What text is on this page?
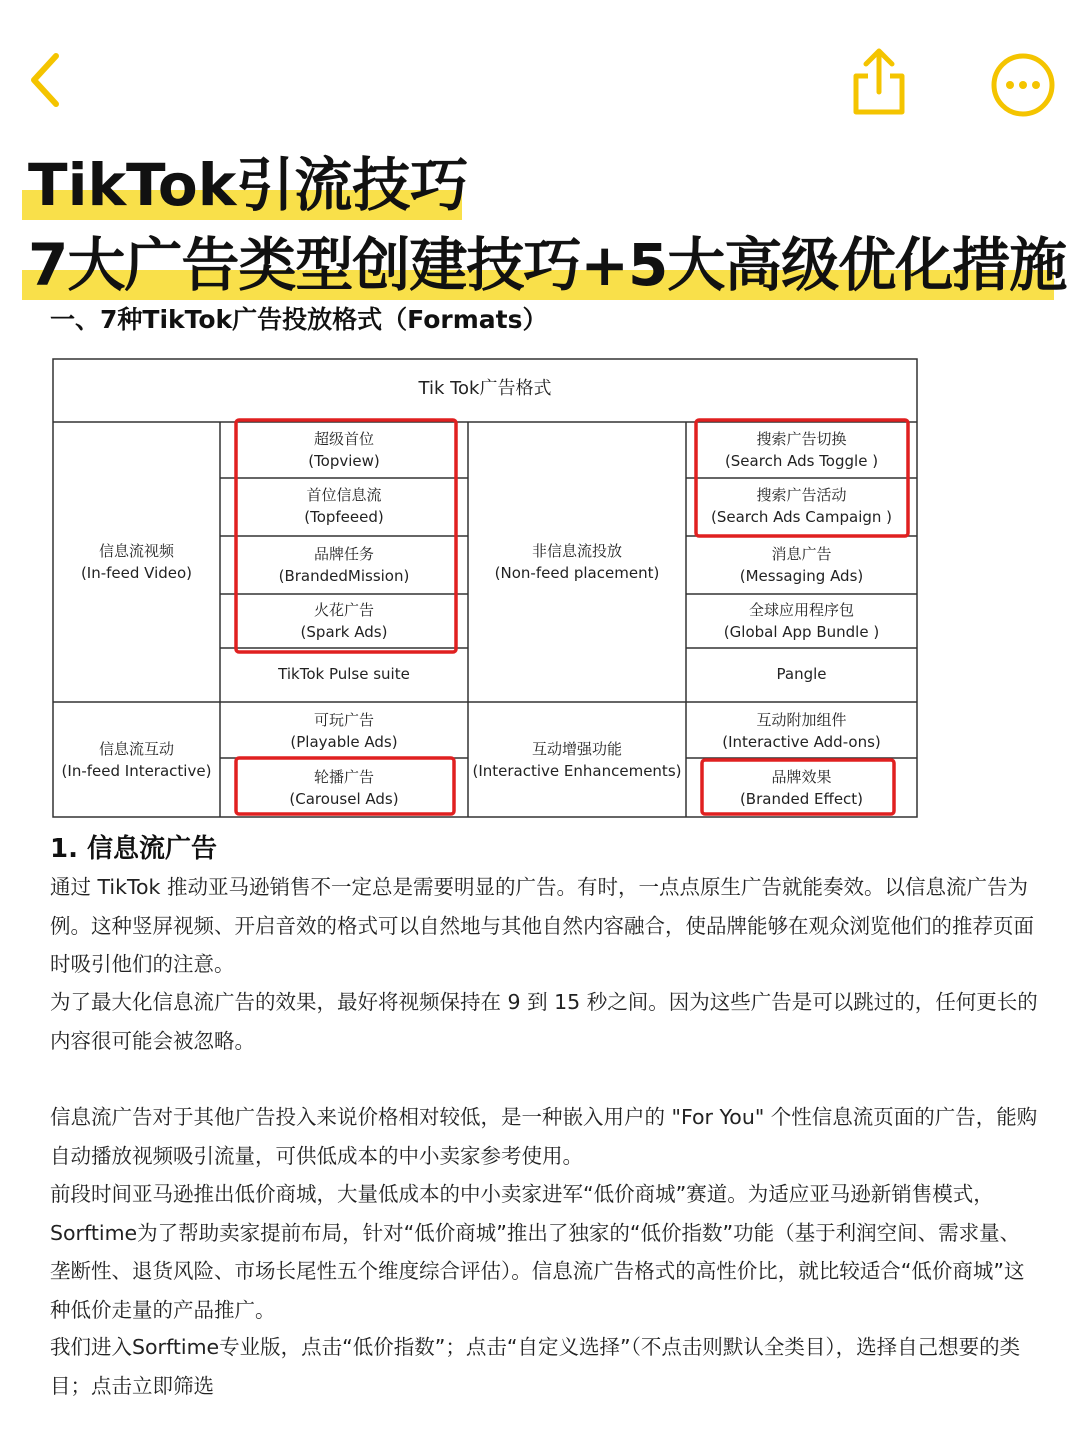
TikTok引流技巧
7大广告类型创建技巧+5大高级优化措施
一、7种TikTok广告投放格式（Formats）
Tik Tok广告格式
信息流视频
(In-feed Video)
非信息流投放
(Non-feed placement)
信息流互动
(In-feed Interactive)
互动增强功能
(Interactive Enhancements)
超级首位
(Topview)
首位信息流
(Topfeeed)
品牌任务
(BrandedMission)
火花广告
(Spark Ads)
TikTok Pulse suite
可玩广告
(Playable Ads)
轮播广告
(Carousel Ads)
搜索广告切换
(Search Ads Toggle )
搜索广告活动
(Search Ads Campaign )
消息广告
(Messaging Ads)
全球应用程序包
(Global App Bundle )
Pangle
互动附加组件
(Interactive Add-ons)
品牌效果
(Branded Effect)
1. 信息流广告
通过 TikTok 推动亚马逊销售不一定总是需要明显的广告。有时，一点点原生广告就能奏效。以信息流广告为例。这种竖屏视频、开启音效的格式可以自然地与其他自然内容融合，使品牌能够在观众浏览他们的推荐页面时吸引他们的注意。
为了最大化信息流广告的效果，最好将视频保持在 9 到 15 秒之间。因为这些广告是可以跳过的，任何更长的内容很可能会被忽略。
信息流广告对于其他广告投入来说价格相对较低，是一种嵌入用户的 "For You" 个性信息流页面的广告，能购自动播放视频吸引流量，可供低成本的中小卖家参考使用。
前段时间亚马逊推出低价商城，大量低成本的中小卖家进军“低价商城”赛道。为适应亚马逊新销售模式，Sorftime为了帮助卖家提前布局，针对“低价商城”推出了独家的“低价指数”功能（基于利润空间、需求量、垄断性、退货风险、市场长尾性五个维度综合评估）。信息流广告格式的高性价比，就比较适合“低价商城”这种低价走量的产品推广。
我们进入Sorftime专业版，点击“低价指数”；点击“自定义选择”（不点击则默认全类目），选择自己想要的类目；点击立即筛选
